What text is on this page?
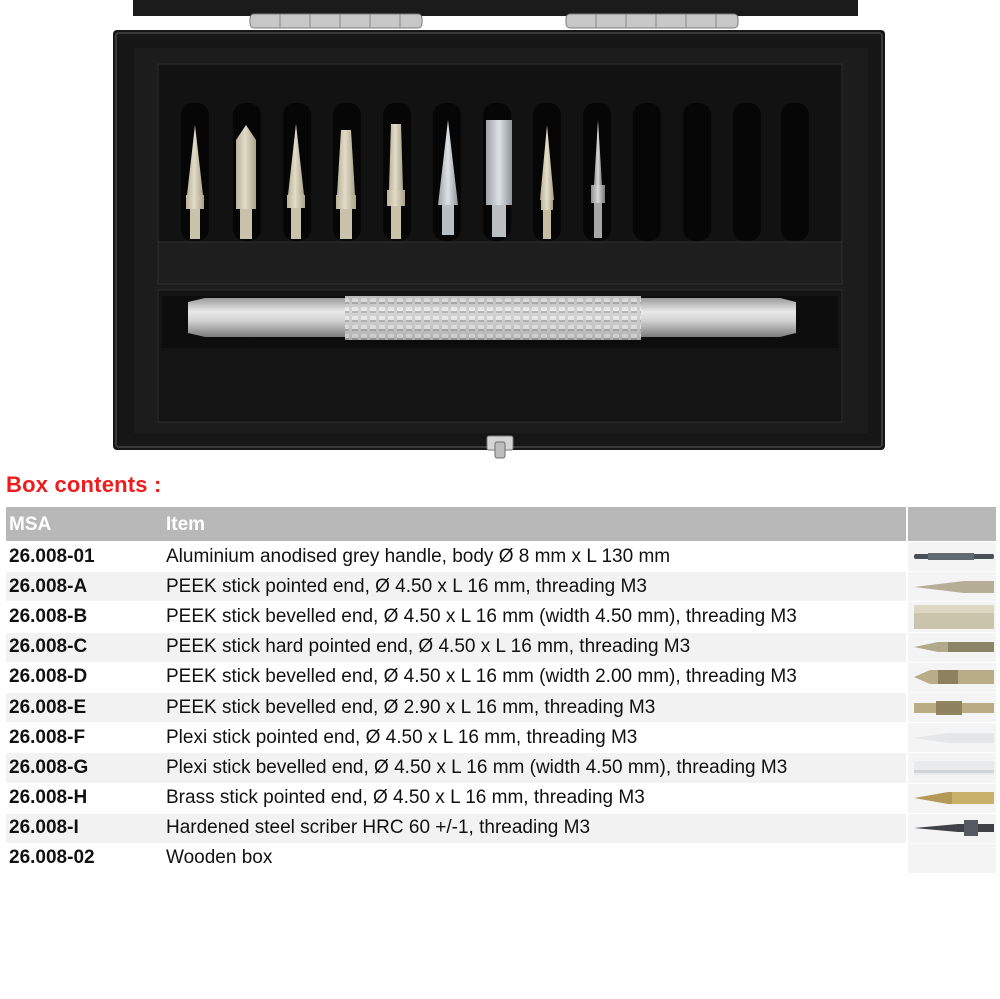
Box contents :
MSA	Item	
26.008-01	Aluminium anodised grey handle, body Ø 8 mm x L 130 mm	

26.008-A	PEEK stick pointed end, Ø 4.50 x L 16 mm, threading M3	

26.008-B	PEEK stick bevelled end, Ø 4.50 x L 16 mm (width 4.50 mm), threading M3	

26.008-C	PEEK stick hard pointed end, Ø 4.50 x L 16 mm, threading M3	

26.008-D	PEEK stick bevelled end, Ø 4.50 x L 16 mm (width 2.00 mm), threading M3	

26.008-E	PEEK stick bevelled end, Ø 2.90 x L 16 mm, threading M3	

26.008-F	Plexi stick pointed end, Ø 4.50 x L 16 mm, threading M3	

26.008-G	Plexi stick bevelled end, Ø 4.50 x L 16 mm (width 4.50 mm), threading M3	

26.008-H	Brass stick pointed end, Ø 4.50 x L 16 mm, threading M3	

26.008-I	Hardened steel scriber HRC 60 +/-1, threading M3	

26.008-02	Wooden box	
